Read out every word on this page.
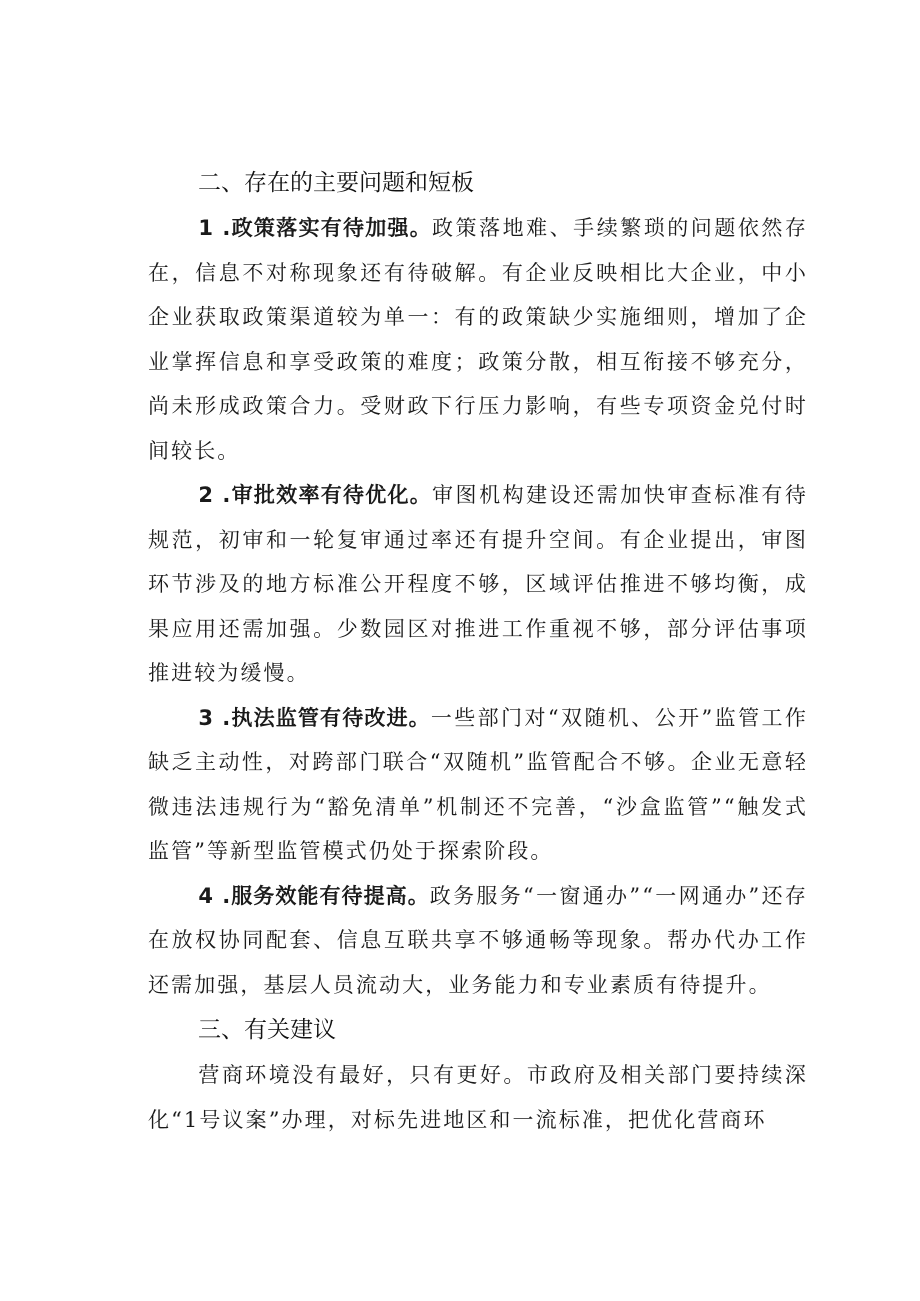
二、存在的主要问题和短板

1 .政策落实有待加强。政策落地难、手续繁琐的问题依然存在，信息不对称现象还有待破解。有企业反映相比大企业，中小企业获取政策渠道较为单一：有的政策缺少实施细则，增加了企业掌挥信息和享受政策的难度；政策分散，相互衔接不够充分，尚未形成政策合力。受财政下行压力影响，有些专项资金兑付时间较长。

2 .审批效率有待优化。审图机构建设还需加快审查标准有待规范，初审和一轮复审通过率还有提升空间。有企业提出，审图环节涉及的地方标准公开程度不够，区域评估推进不够均衡，成果应用还需加强。少数园区对推进工作重视不够，部分评估事项推进较为缓慢。

3 .执法监管有待改进。一些部门对“双随机、公开”监管工作缺乏主动性，对跨部门联合“双随机”监管配合不够。企业无意轻微违法违规行为“豁免清单”机制还不完善，“沙盒监管”“触发式监管”等新型监管模式仍处于探索阶段。

4 .服务效能有待提高。政务服务“一窗通办”“一网通办”还存在放权协同配套、信息互联共享不够通畅等现象。帮办代办工作还需加强，基层人员流动大，业务能力和专业素质有待提升。

三、有关建议

营商环境没有最好，只有更好。市政府及相关部门要持续深化“1号议案”办理，对标先进地区和一流标准，把优化营商环
